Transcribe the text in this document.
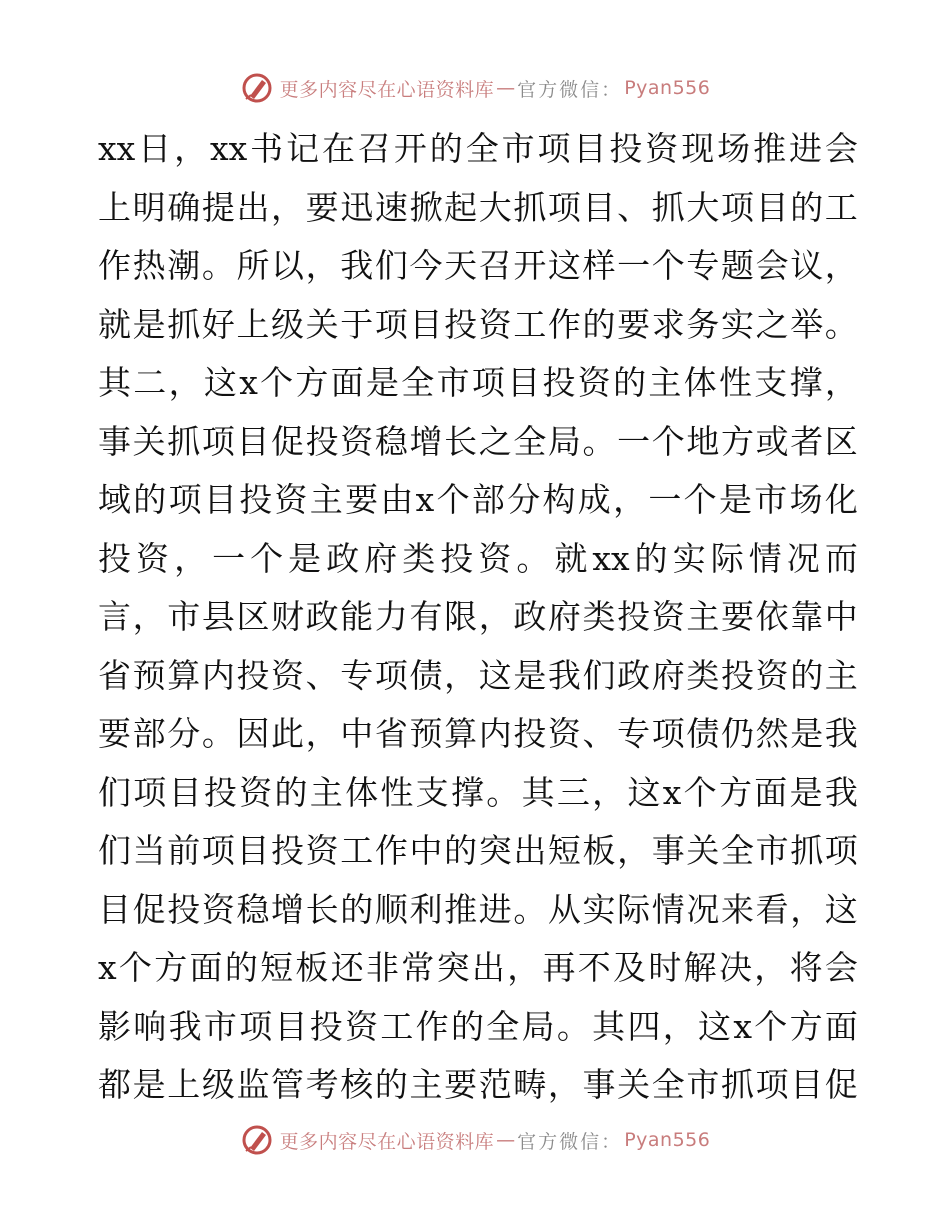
更多内容尽在心语资料库 — 官方微信： Pyan556
xx 日 ， xx 书 记 在 召 开 的 全 市 项 目 投 资 现 场 推 进 会
上 明 确 提 出 ， 要 迅 速 掀 起 大 抓 项 目 、 抓 大 项 目 的 工
作 热 潮 。 所 以 ， 我 们 今 天 召 开 这 样 一 个 专 题 会 议 ，
就 是 抓 好 上 级 关 于 项 目 投 资 工 作 的 要 求 务 实 之 举 。
其 二 ， 这 x 个 方 面 是 全 市 项 目 投 资 的 主 体 性 支 撑 ，
事 关 抓 项 目 促 投 资 稳 增 长 之 全 局 。 一 个 地 方 或 者 区
域 的 项 目 投 资 主 要 由 x 个 部 分 构 成 ， 一 个 是 市 场 化
投 资 ， 一 个 是 政 府 类 投 资 。 就 xx 的 实 际 情 况 而
言 ， 市 县 区 财 政 能 力 有 限 ， 政 府 类 投 资 主 要 依 靠 中
省 预 算 内 投 资 、 专 项 债 ， 这 是 我 们 政 府 类 投 资 的 主
要 部 分 。 因 此 ， 中 省 预 算 内 投 资 、 专 项 债 仍 然 是 我
们 项 目 投 资 的 主 体 性 支 撑 。 其 三 ， 这 x 个 方 面 是 我
们 当 前 项 目 投 资 工 作 中 的 突 出 短 板 ， 事 关 全 市 抓 项
目 促 投 资 稳 增 长 的 顺 利 推 进 。 从 实 际 情 况 来 看 ， 这
x 个 方 面 的 短 板 还 非 常 突 出 ， 再 不 及 时 解 决 ， 将 会
影 响 我 市 项 目 投 资 工 作 的 全 局 。 其 四 ， 这 x 个 方 面
都 是 上 级 监 管 考 核 的 主 要 范 畴 ， 事 关 全 市 抓 项 目 促
更多内容尽在心语资料库 — 官方微信： Pyan556
